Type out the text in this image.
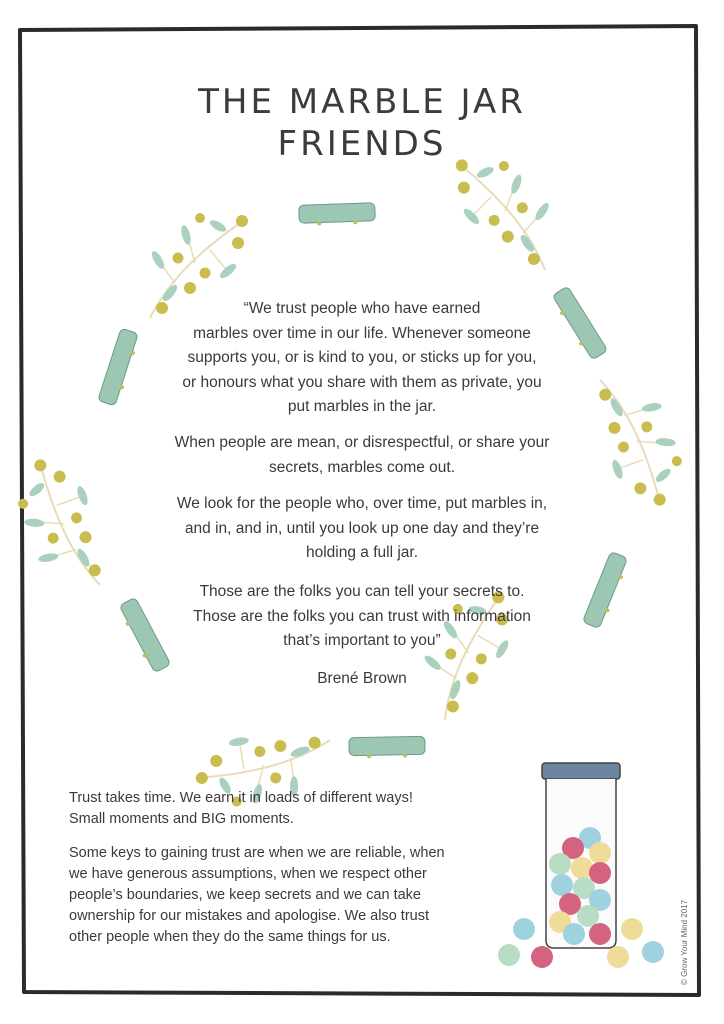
THE MARBLE JAR
FRIENDS

“We trust people who have earned
marbles over time in our life. Whenever someone
supports you, or is kind to you, or sticks up for you,
or honours what you share with them as private, you
put marbles in the jar.

When people are mean, or disrespectful, or share your
secrets, marbles come out.

We look for the people who, over time, put marbles in,
and in, and in, until you look up one day and they’re
holding a full jar.

Those are the folks you can tell your secrets to.
Those are the folks you can trust with information
that’s important to you”

Brené Brown

Trust takes time. We earn it in loads of different ways!
Small moments and BIG moments.

Some keys to gaining trust are when we are reliable, when
we have generous assumptions, when we respect other
people’s boundaries, we keep secrets and we can take
ownership for our mistakes and apologise. We also trust
other people when they do the same things for us.	© Grow Your Mind 2017
